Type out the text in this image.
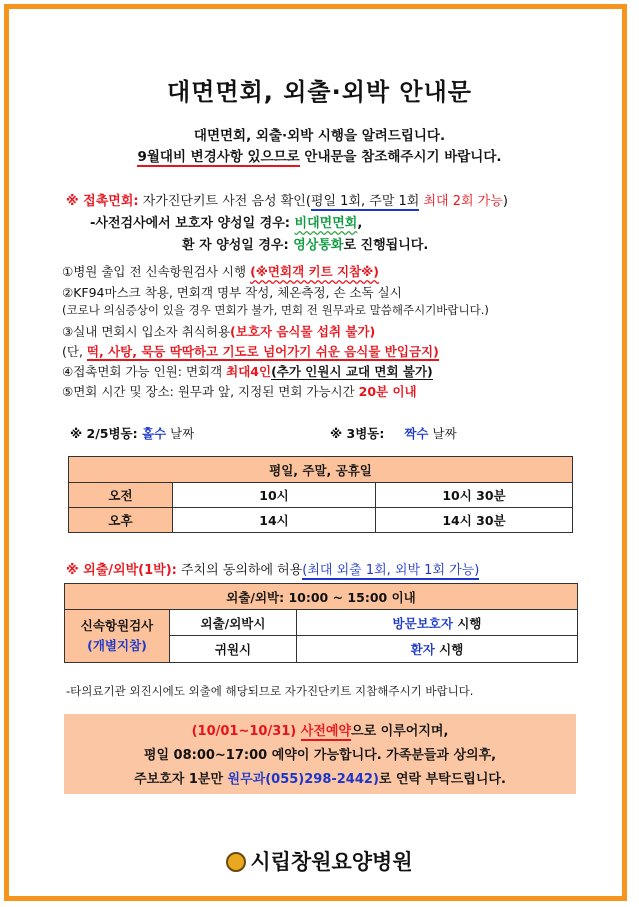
대면면회, 외출·외박 안내문
대면면회, 외출·외박 시행을 알려드립니다.
9월대비 변경사항 있으므로 안내문을 참조해주시기 바랍니다.
※ 접촉면회: 자가진단키트 사전 음성 확인(평일 1회, 주말 1회 최대 2회 가능)
-사전검사에서 보호자 양성일 경우: 비대면면회,
환 자 양성일 경우: 영상통화로 진행됩니다.
①병원 출입 전 신속항원검사 시행 (※면회객 키트 지참※)
②KF94마스크 착용, 면회객 명부 작성, 체온측정, 손 소독 실시
(코로나 의심증상이 있을 경우 면회가 불가, 면회 전 원무과로 말씀해주시기바랍니다.)
③실내 면회시 입소자 취식허용(보호자 음식물 섭취 불가)
(단, 떡, 사탕, 묵등 딱딱하고 기도로 넘어가기 쉬운 음식물 반입금지)
④접촉면회 가능 인원: 면회객 최대4인(추가 인원시 교대 면회 불가)
⑤면회 시간 및 장소: 원무과 앞, 지정된 면회 가능시간 20분 이내
※ 2/5병동: 홀수 날짜	※ 3병동: 짝수 날짜
평일, 주말, 공휴일		
오전	10시	10시 30분
오후	14시	14시 30분
※ 외출/외박(1박): 주치의 동의하에 허용(최대 외출 1회, 외박 1회 가능)
외출/외박: 10:00 ~ 15:00 이내		

신속항원검사
(개별지참)	외출/외박시	방문보호자 시행
	귀원시	환자 시행
-타의료기관 외진시에도 외출에 해당되므로 자가진단키트 지참해주시기 바랍니다.
(10/01~10/31) 사전예약으로 이루어지며,
평일 08:00~17:00 예약이 가능합니다. 가족분들과 상의후,
주보호자 1분만 원무과(055)298-2442)로 연락 부탁드립니다.
시립창원요양병원
